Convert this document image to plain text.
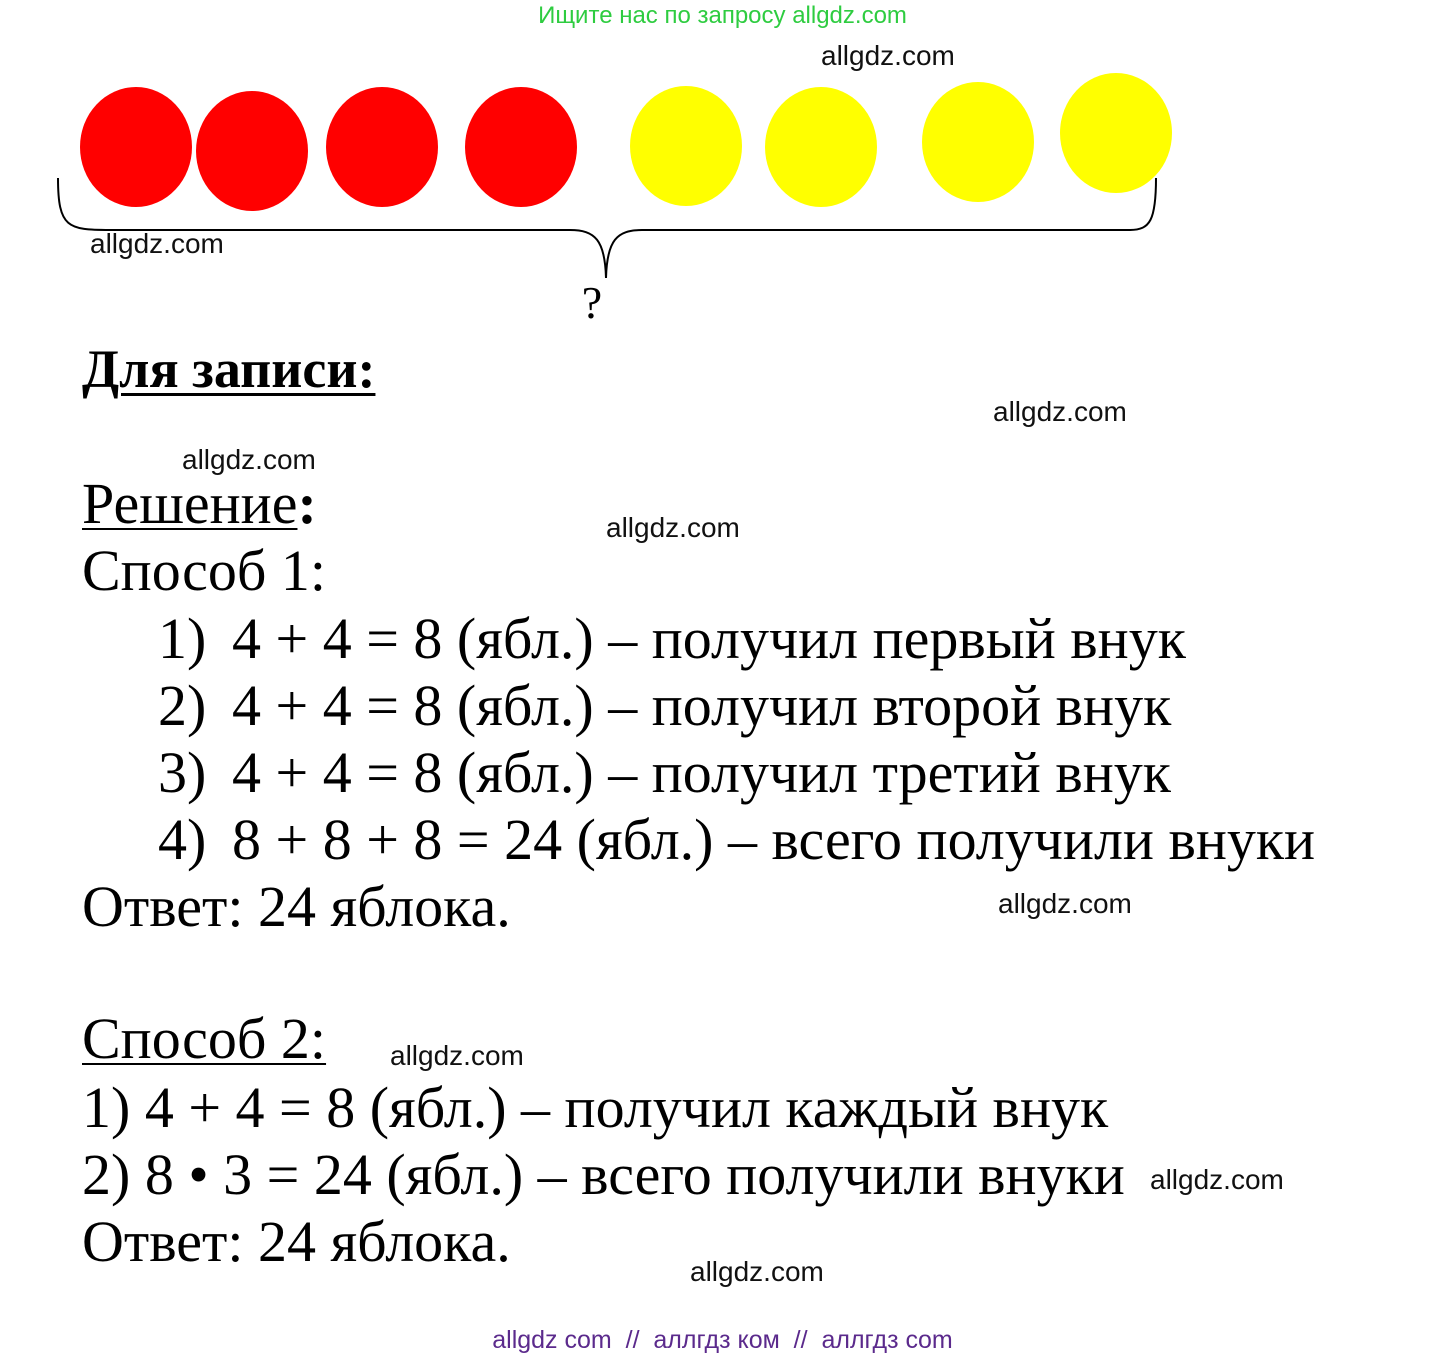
Ищите нас по запросу allgdz.com
?
allgdz.com
allgdz.com
allgdz.com
allgdz.com
allgdz.com
allgdz.com
allgdz.com
allgdz.com
allgdz.com
Для записи:
Решение:
Способ 1:
1) 4 + 4 = 8 (ябл.) – получил первый внук
2) 4 + 4 = 8 (ябл.) – получил второй внук
3) 4 + 4 = 8 (ябл.) – получил третий внук
4) 8 + 8 + 8 = 24 (ябл.) – всего получили внуки
Ответ: 24 яблока.
Способ 2:
1) 4 + 4 = 8 (ябл.) – получил каждый внук
2) 8 • 3 = 24 (ябл.) – всего получили внуки
Ответ: 24 яблока.
allgdz com  //  аллгдз ком  //  аллгдз com
